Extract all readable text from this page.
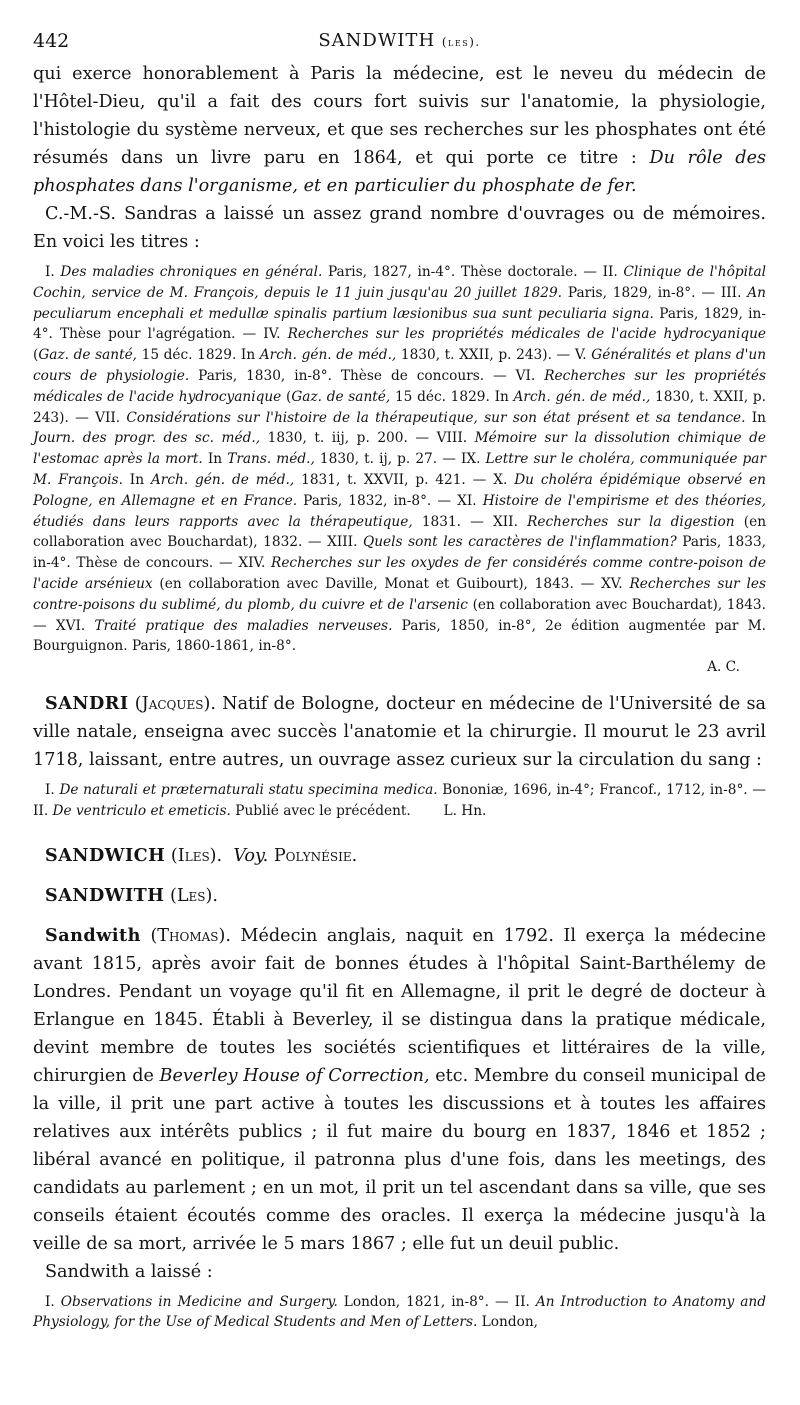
442	SANDWITH (les).

qui exerce honorablement à Paris la médecine, est le neveu du médecin de l'Hôtel-Dieu, qu'il a fait des cours fort suivis sur l'anatomie, la physiologie, l'histologie du système nerveux, et que ses recherches sur les phosphates ont été résumés dans un livre paru en 1864, et qui porte ce titre : Du rôle des phosphates dans l'organisme, et en particulier du phosphate de fer.

C.-M.-S. Sandras a laissé un assez grand nombre d'ouvrages ou de mémoires. En voici les titres :

I. Des maladies chroniques en général. Paris, 1827, in-4°. Thèse doctorale. — II. Clinique de l'hôpital Cochin, service de M. François, depuis le 11 juin jusqu'au 20 juillet 1829. Paris, 1829, in-8°. — III. An peculiarum encephali et medullæ spinalis partium læsionibus sua sunt peculiaria signa. Paris, 1829, in-4°. Thèse pour l'agrégation. — IV. Recherches sur les propriétés médicales de l'acide hydrocyanique (Gaz. de santé, 15 déc. 1829. In Arch. gén. de méd., 1830, t. XXII, p. 243). — V. Généralités et plans d'un cours de physiologie. Paris, 1830, in-8°. Thèse de concours. — VI. Recherches sur les propriétés médicales de l'acide hydrocyanique (Gaz. de santé, 15 déc. 1829. In Arch. gén. de méd., 1830, t. XXII, p. 243). — VII. Considérations sur l'histoire de la thérapeutique, sur son état présent et sa tendance. In Journ. des progr. des sc. méd., 1830, t. iij, p. 200. — VIII. Mémoire sur la dissolution chimique de l'estomac après la mort. In Trans. méd., 1830, t. ij, p. 27. — IX. Lettre sur le choléra, communiquée par M. François. In Arch. gén. de méd., 1831, t. XXVII, p. 421. — X. Du choléra épidémique observé en Pologne, en Allemagne et en France. Paris, 1832, in-8°. — XI. Histoire de l'empirisme et des théories, étudiés dans leurs rapports avec la thérapeutique, 1831. — XII. Recherches sur la digestion (en collaboration avec Bouchardat), 1832. — XIII. Quels sont les caractères de l'inflammation? Paris, 1833, in-4°. Thèse de concours. — XIV. Recherches sur les oxydes de fer considérés comme contre-poison de l'acide arsénieux (en collaboration avec Daville, Monat et Guibourt), 1843. — XV. Recherches sur les contre-poisons du sublimé, du plomb, du cuivre et de l'arsenic (en collaboration avec Bouchardat), 1843. — XVI. Traité pratique des maladies nerveuses. Paris, 1850, in-8°, 2e édition augmentée par M. Bourguignon. Paris, 1860-1861, in-8°.

A. C.

SANDRI (Jacques). Natif de Bologne, docteur en médecine de l'Université de sa ville natale, enseigna avec succès l'anatomie et la chirurgie. Il mourut le 23 avril 1718, laissant, entre autres, un ouvrage assez curieux sur la circulation du sang :

I. De naturali et præternaturali statu specimina medica. Bononiæ, 1696, in-4°; Francof., 1712, in-8°. — II. De ventriculo et emeticis. Publié avec le précédent. L. Hn.

SANDWICH (Iles). Voy. Polynésie.

SANDWITH (Les).

Sandwith (Thomas). Médecin anglais, naquit en 1792. Il exerça la médecine avant 1815, après avoir fait de bonnes études à l'hôpital Saint-Barthélemy de Londres. Pendant un voyage qu'il fit en Allemagne, il prit le degré de docteur à Erlangue en 1845. Établi à Beverley, il se distingua dans la pratique médicale, devint membre de toutes les sociétés scientifiques et littéraires de la ville, chirurgien de Beverley House of Correction, etc. Membre du conseil municipal de la ville, il prit une part active à toutes les discussions et à toutes les affaires relatives aux intérêts publics ; il fut maire du bourg en 1837, 1846 et 1852 ; libéral avancé en politique, il patronna plus d'une fois, dans les meetings, des candidats au parlement ; en un mot, il prit un tel ascendant dans sa ville, que ses conseils étaient écoutés comme des oracles. Il exerça la médecine jusqu'à la veille de sa mort, arrivée le 5 mars 1867 ; elle fut un deuil public.

Sandwith a laissé :

I. Observations in Medicine and Surgery. London, 1821, in-8°. — II. An Introduction to Anatomy and Physiology, for the Use of Medical Students and Men of Letters. London,
